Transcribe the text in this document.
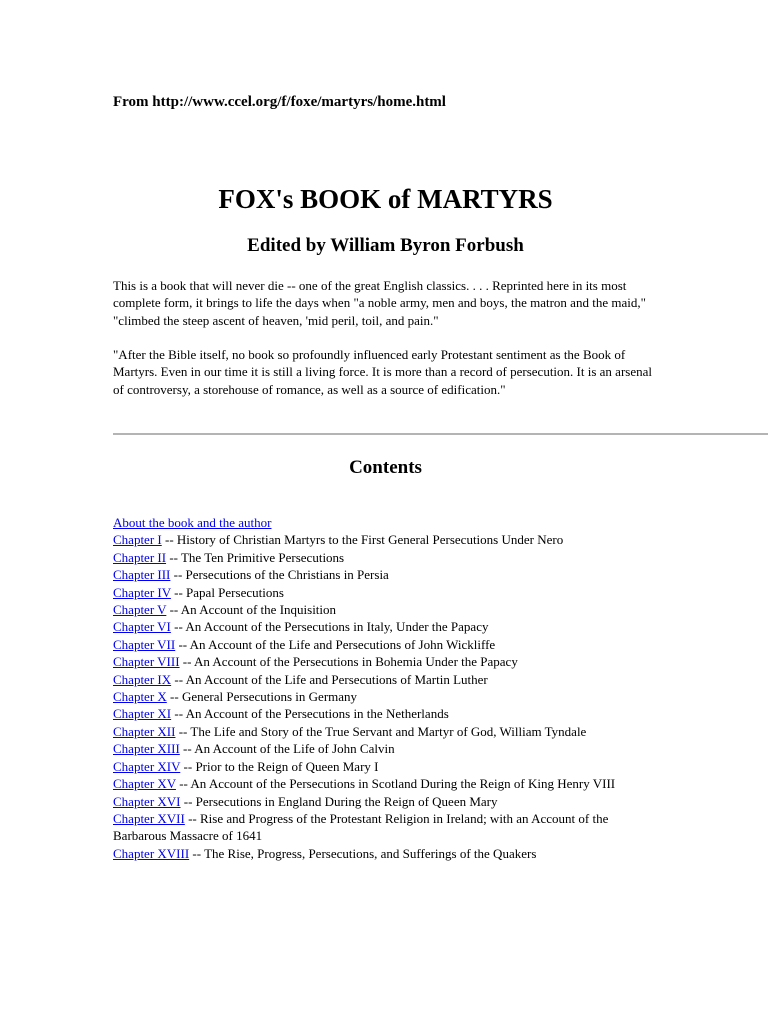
From http://www.ccel.org/f/foxe/martyrs/home.html

FOX's BOOK of MARTYRS
Edited by William Byron Forbush

This is a book that will never die -- one of the great English classics. . . . Reprinted here in its most complete form, it brings to life the days when "a noble army, men and boys, the matron and the maid," "climbed the steep ascent of heaven, 'mid peril, toil, and pain."

"After the Bible itself, no book so profoundly influenced early Protestant sentiment as the Book of Martyrs. Even in our time it is still a living force. It is more than a record of persecution. It is an arsenal of controversy, a storehouse of romance, as well as a source of edification."

Contents
About the book and the author
Chapter I -- History of Christian Martyrs to the First General Persecutions Under Nero
Chapter II -- The Ten Primitive Persecutions
Chapter III -- Persecutions of the Christians in Persia
Chapter IV -- Papal Persecutions
Chapter V -- An Account of the Inquisition
Chapter VI -- An Account of the Persecutions in Italy, Under the Papacy
Chapter VII -- An Account of the Life and Persecutions of John Wickliffe
Chapter VIII -- An Account of the Persecutions in Bohemia Under the Papacy
Chapter IX -- An Account of the Life and Persecutions of Martin Luther
Chapter X -- General Persecutions in Germany
Chapter XI -- An Account of the Persecutions in the Netherlands
Chapter XII -- The Life and Story of the True Servant and Martyr of God, William Tyndale
Chapter XIII -- An Account of the Life of John Calvin
Chapter XIV -- Prior to the Reign of Queen Mary I
Chapter XV -- An Account of the Persecutions in Scotland During the Reign of King Henry VIII
Chapter XVI -- Persecutions in England During the Reign of Queen Mary
Chapter XVII -- Rise and Progress of the Protestant Religion in Ireland; with an Account of the Barbarous Massacre of 1641
Chapter XVIII -- The Rise, Progress, Persecutions, and Sufferings of the Quakers
